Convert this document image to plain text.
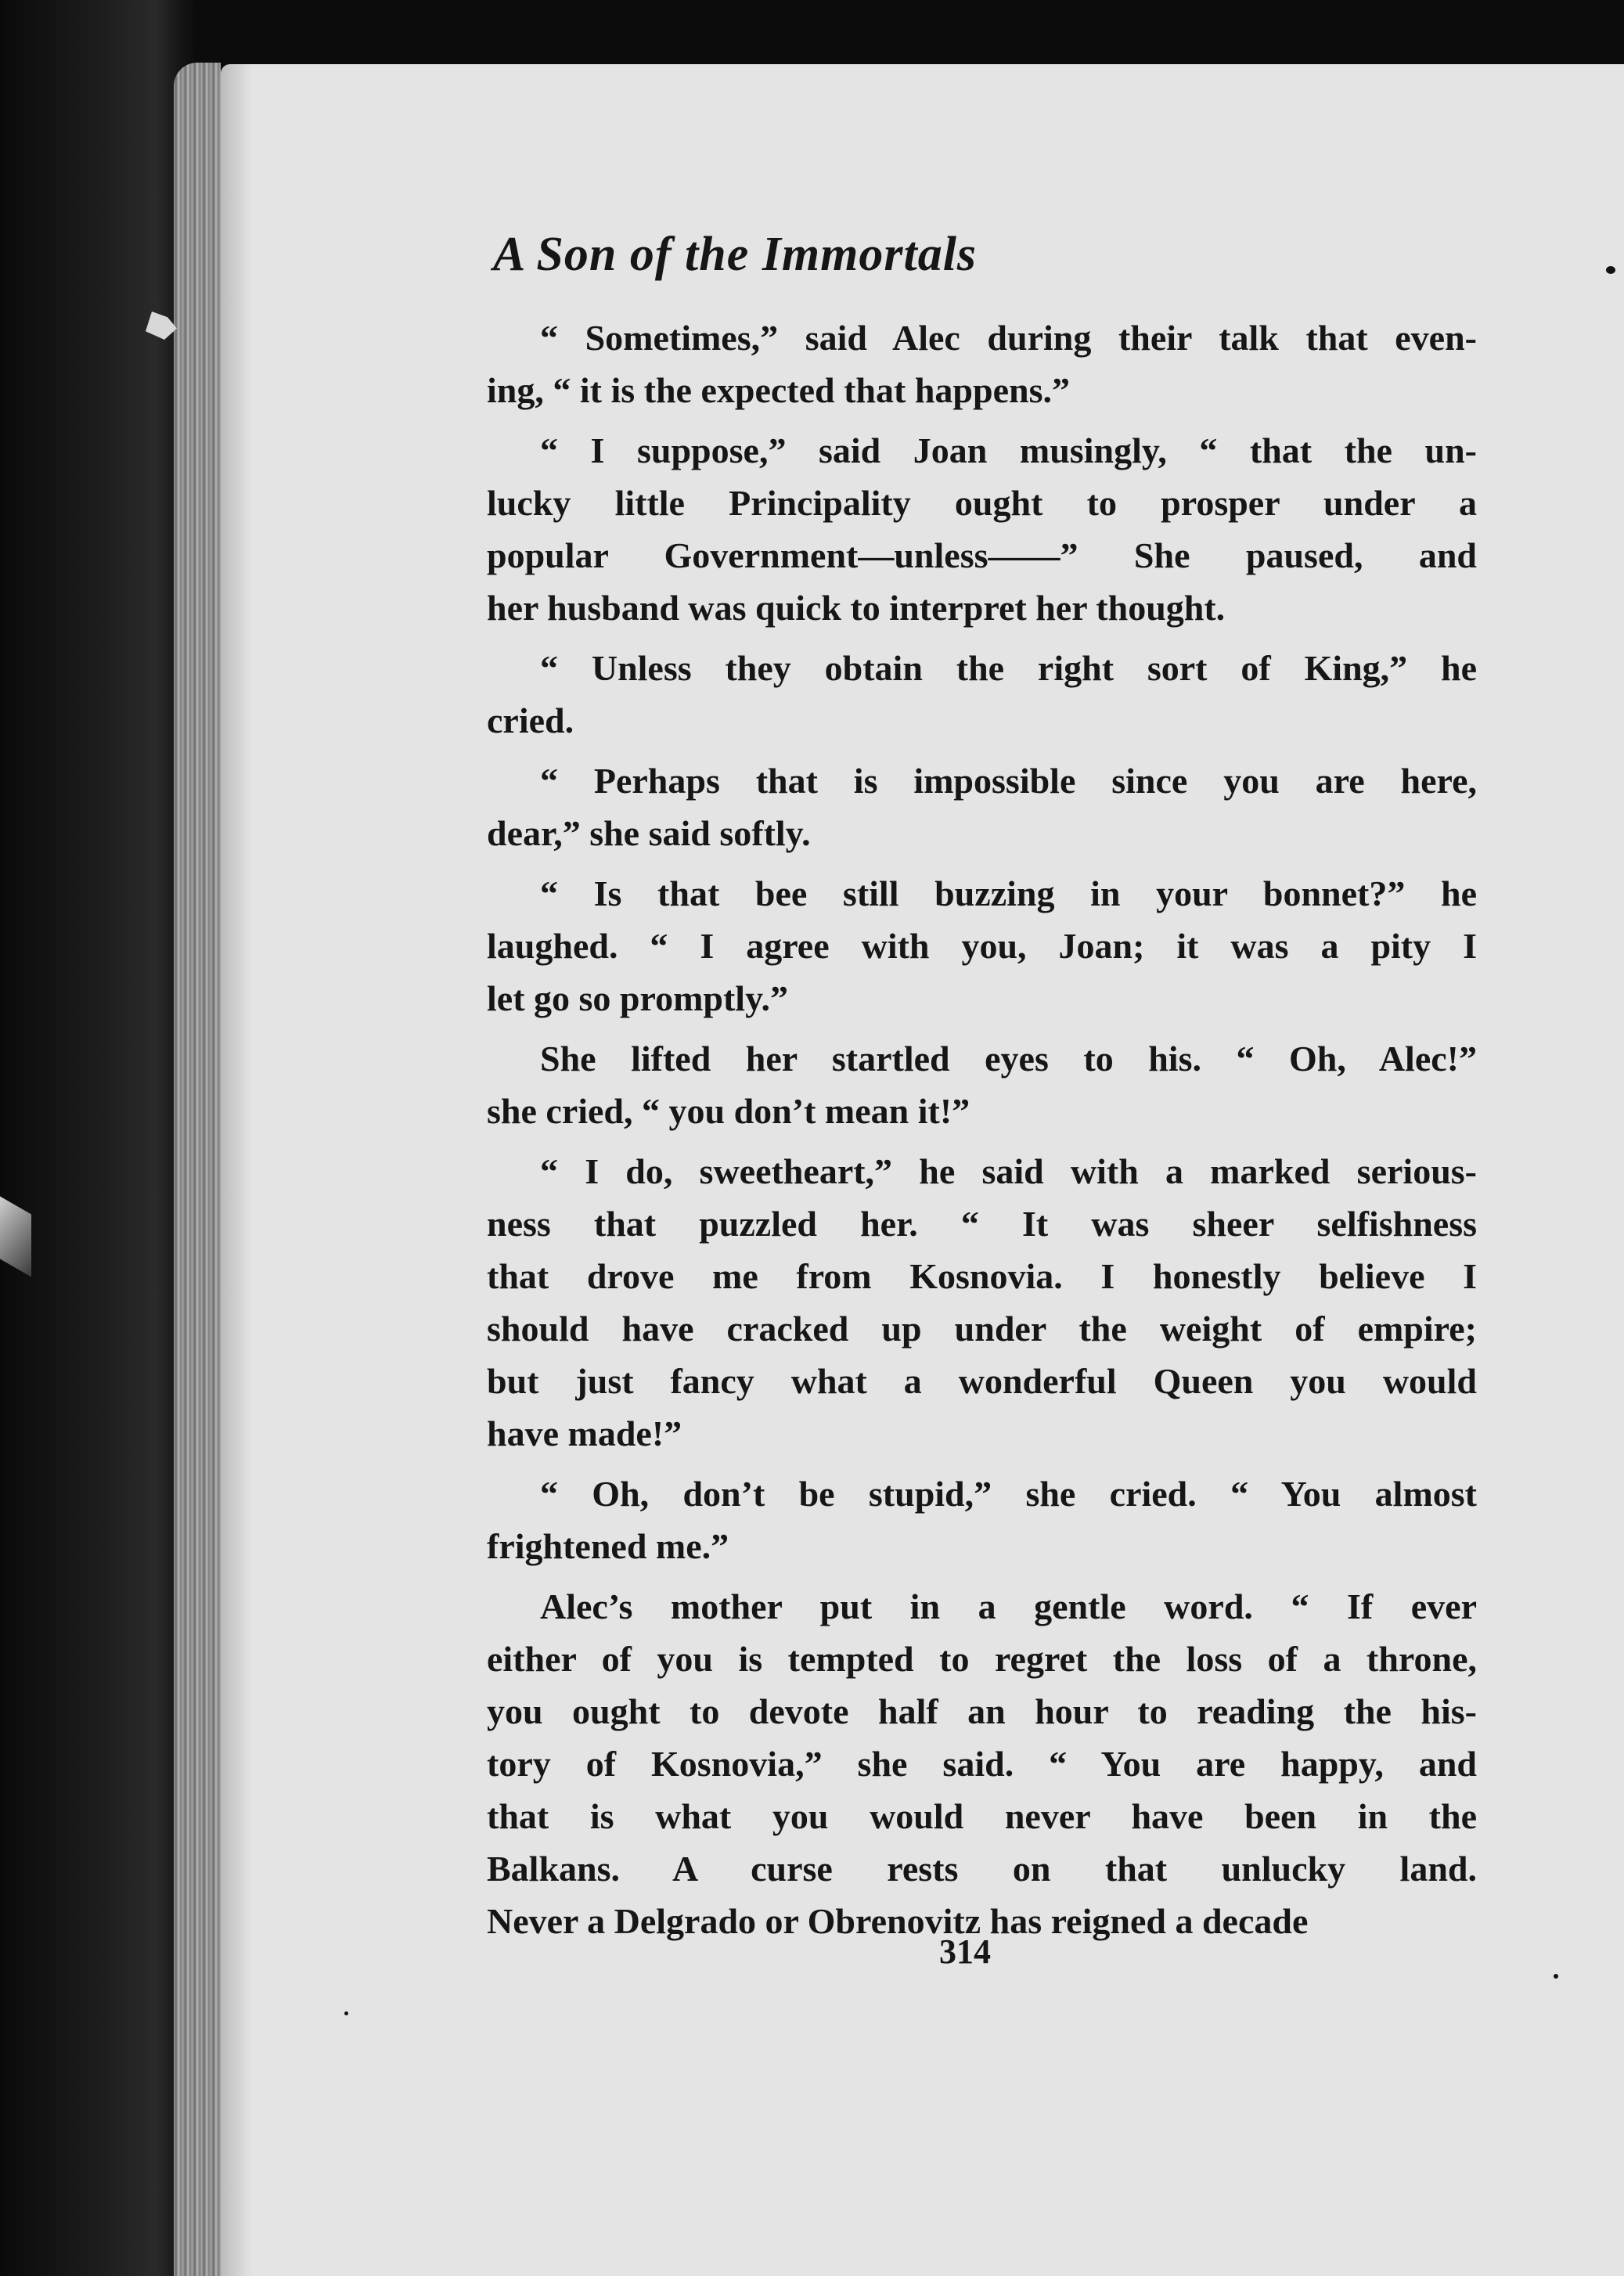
A Son of the Immortals
“ Sometimes,” said Alec during their talk that even-
ing, “ it is the expected that happens.”
“ I suppose,” said Joan musingly, “ that the un-
lucky little Principality ought to prosper under a
popular Government—unless——” She paused, and
her husband was quick to interpret her thought.
“ Unless they obtain the right sort of King,” he
cried.
“ Perhaps that is impossible since you are here,
dear,” she said softly.
“ Is that bee still buzzing in your bonnet?” he
laughed. “ I agree with you, Joan; it was a pity I
let go so promptly.”
She lifted her startled eyes to his. “ Oh, Alec!”
she cried, “ you don’t mean it!”
“ I do, sweetheart,” he said with a marked serious-
ness that puzzled her. “ It was sheer selfishness
that drove me from Kosnovia. I honestly believe I
should have cracked up under the weight of empire;
but just fancy what a wonderful Queen you would
have made!”
“ Oh, don’t be stupid,” she cried. “ You almost
frightened me.”
Alec’s mother put in a gentle word. “ If ever
either of you is tempted to regret the loss of a throne,
you ought to devote half an hour to reading the his-
tory of Kosnovia,” she said. “ You are happy, and
that is what you would never have been in the
Balkans. A curse rests on that unlucky land.
Never a Delgrado or Obrenovitz has reigned a decade
314
